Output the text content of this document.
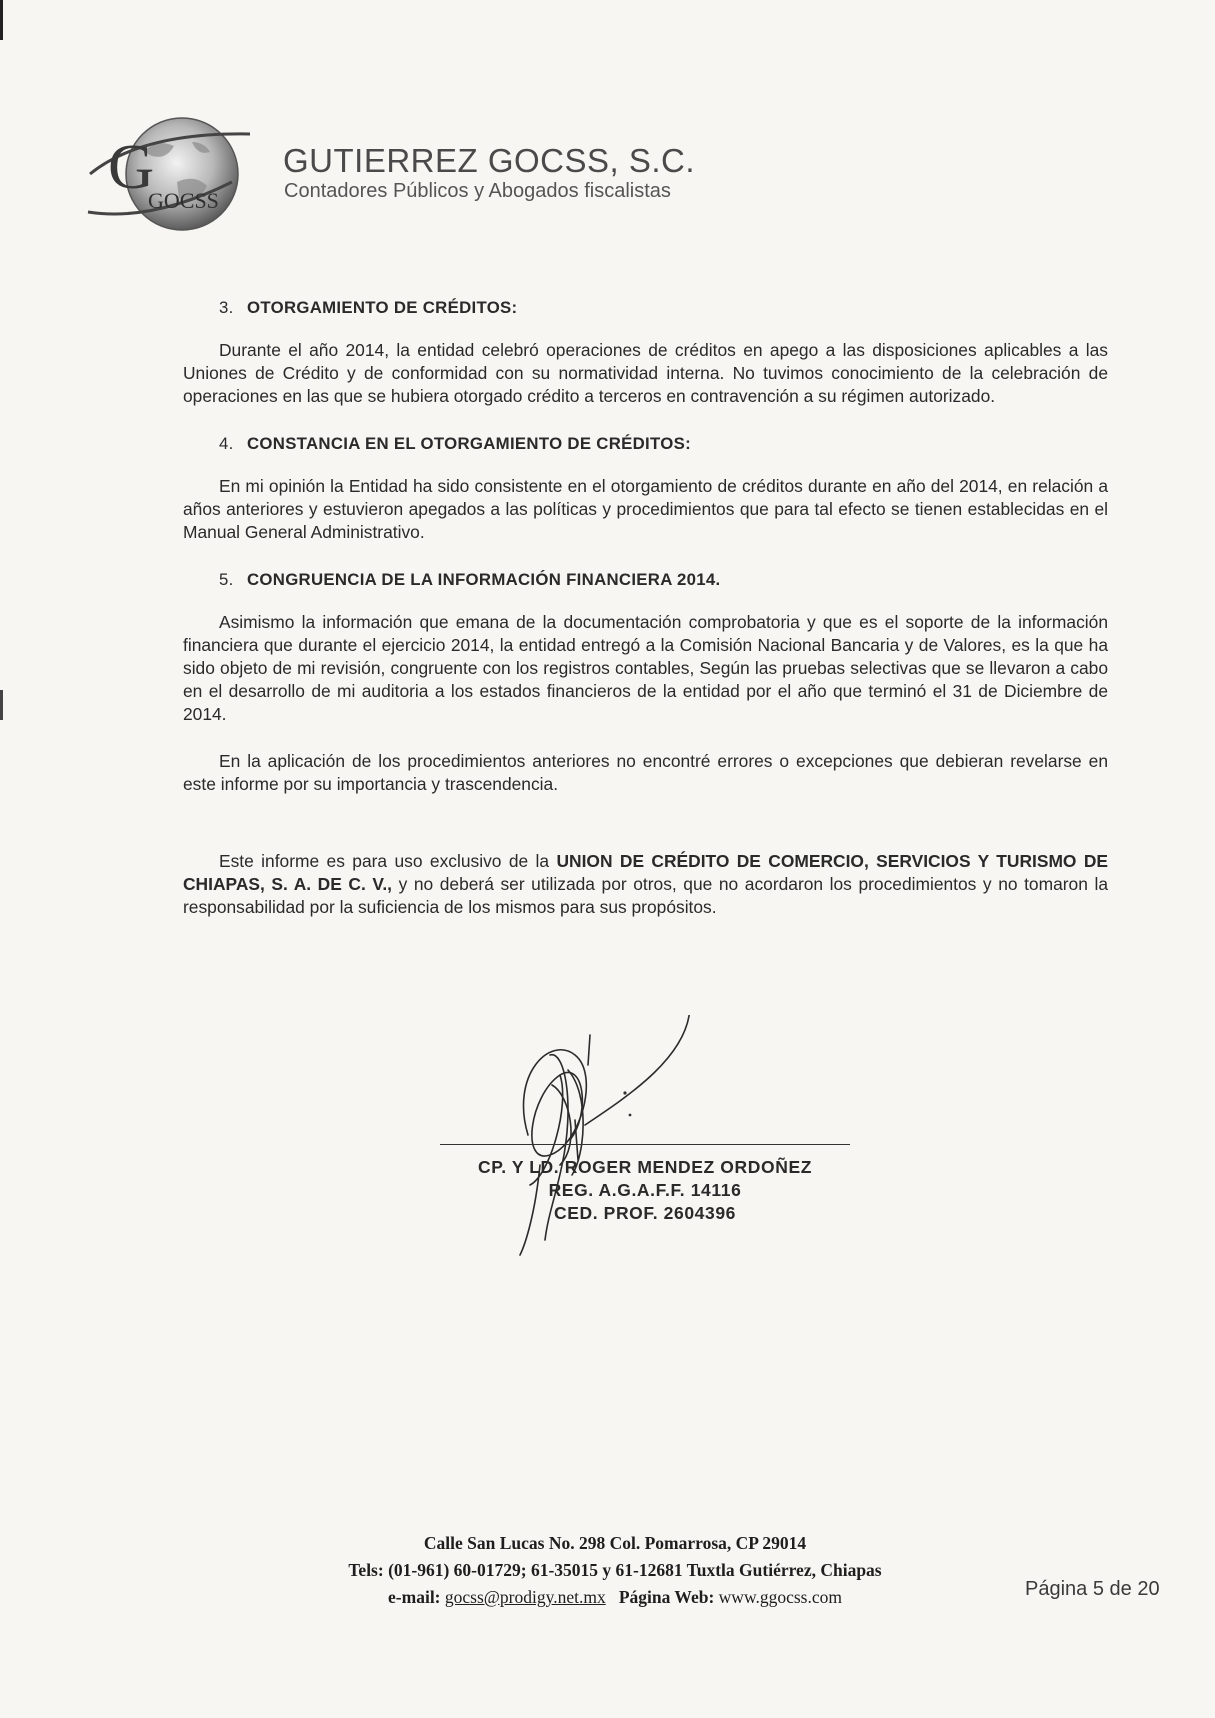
G
GOCSS
GUTIERREZ GOCSS, S.C.
Contadores Públicos y Abogados fiscalistas
3. OTORGAMIENTO DE CRÉDITOS:

Durante el año 2014, la entidad celebró operaciones de créditos en apego a las disposiciones aplicables a las Uniones de Crédito y de conformidad con su normatividad interna. No tuvimos conocimiento de la celebración de operaciones en las que se hubiera otorgado crédito a terceros en contravención a su régimen autorizado.

4. CONSTANCIA EN EL OTORGAMIENTO DE CRÉDITOS:

En mi opinión la Entidad ha sido consistente en el otorgamiento de créditos durante en año del 2014, en relación a años anteriores y estuvieron apegados a las políticas y procedimientos que para tal efecto se tienen establecidas en el Manual General Administrativo.

5. CONGRUENCIA DE LA INFORMACIÓN FINANCIERA 2014.

Asimismo la información que emana de la documentación comprobatoria y que es el soporte de la información financiera que durante el ejercicio 2014, la entidad entregó a la Comisión Nacional Bancaria y de Valores, es la que ha sido objeto de mi revisión, congruente con los registros contables, Según las pruebas selectivas que se llevaron a cabo en el desarrollo de mi auditoria a los estados financieros de la entidad por el año que terminó el 31 de Diciembre de 2014.

En la aplicación de los procedimientos anteriores no encontré errores o excepciones que debieran revelarse en este informe por su importancia y trascendencia.

Este informe es para uso exclusivo de la UNION DE CRÉDITO DE COMERCIO, SERVICIOS Y TURISMO DE CHIAPAS, S. A. DE C. V., y no deberá ser utilizada por otros, que no acordaron los procedimientos y no tomaron la responsabilidad por la suficiencia de los mismos para sus propósitos.

CP. Y LD. ROGER MENDEZ ORDOÑEZ
REG. A.G.A.F.F. 14116
CED. PROF. 2604396
Calle San Lucas No. 298 Col. Pomarrosa, CP 29014
Tels: (01-961) 60-01729; 61-35015 y 61-12681 Tuxtla Gutiérrez, Chiapas
e-mail: gocss@prodigy.net.mx Página Web: www.ggocss.com	Página 5 de 20
